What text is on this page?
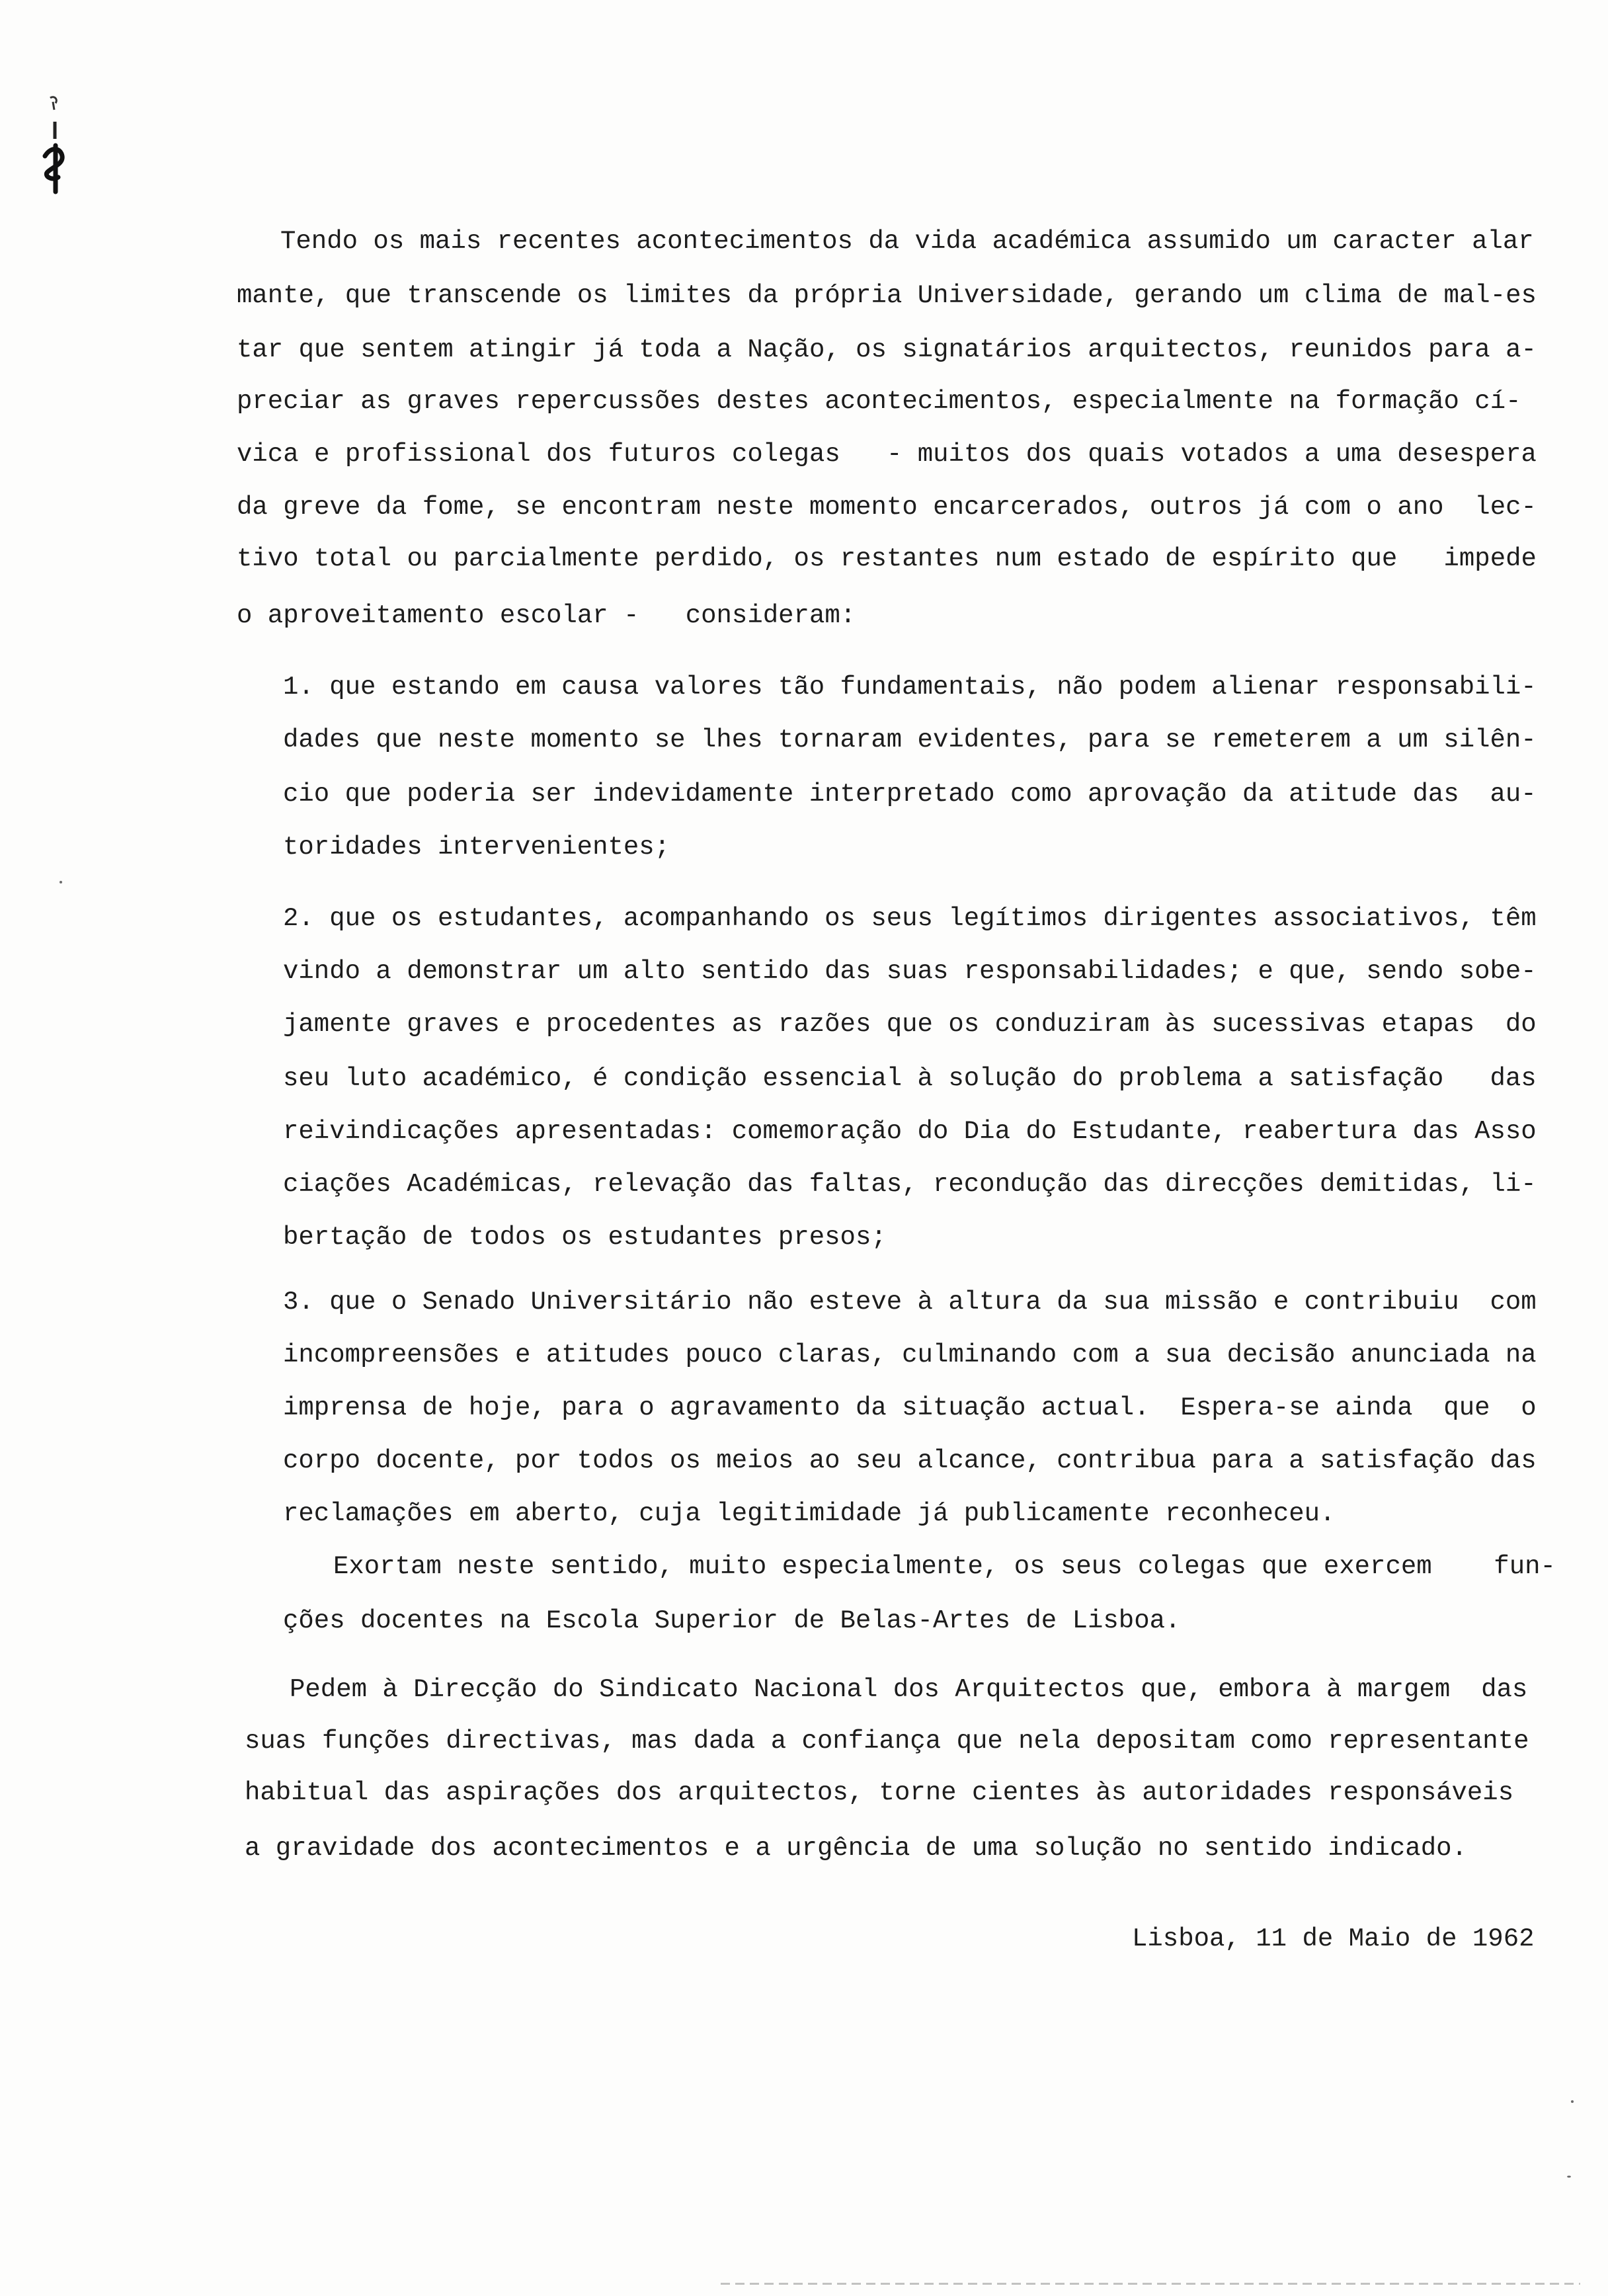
Tendo os mais recentes acontecimentos da vida académica assumido um caracter alar
mante, que transcende os limites da própria Universidade, gerando um clima de mal-es
tar que sentem atingir já toda a Nação, os signatários arquitectos, reunidos para a-
preciar as graves repercussões destes acontecimentos, especialmente na formação cí-
vica e profissional dos futuros colegas   - muitos dos quais votados a uma desespera
da greve da fome, se encontram neste momento encarcerados, outros já com o ano  lec-
tivo total ou parcialmente perdido, os restantes num estado de espírito que   impede
o aproveitamento escolar -   consideram:
1. que estando em causa valores tão fundamentais, não podem alienar responsabili-
dades que neste momento se lhes tornaram evidentes, para se remeterem a um silên-
cio que poderia ser indevidamente interpretado como aprovação da atitude das  au-
toridades intervenientes;
2. que os estudantes, acompanhando os seus legítimos dirigentes associativos, têm
vindo a demonstrar um alto sentido das suas responsabilidades; e que, sendo sobe-
jamente graves e procedentes as razões que os conduziram às sucessivas etapas  do
seu luto académico, é condição essencial à solução do problema a satisfação   das
reivindicações apresentadas: comemoração do Dia do Estudante, reabertura das Asso
ciações Académicas, relevação das faltas, recondução das direcções demitidas, li-
bertação de todos os estudantes presos;
3. que o Senado Universitário não esteve à altura da sua missão e contribuiu  com
incompreensões e atitudes pouco claras, culminando com a sua decisão anunciada na
imprensa de hoje, para o agravamento da situação actual.  Espera-se ainda  que  o
corpo docente, por todos os meios ao seu alcance, contribua para a satisfação das
reclamações em aberto, cuja legitimidade já publicamente reconheceu.
Exortam neste sentido, muito especialmente, os seus colegas que exercem    fun-
ções docentes na Escola Superior de Belas-Artes de Lisboa.
Pedem à Direcção do Sindicato Nacional dos Arquitectos que, embora à margem  das
suas funções directivas, mas dada a confiança que nela depositam como representante
habitual das aspirações dos arquitectos, torne cientes às autoridades responsáveis
a gravidade dos acontecimentos e a urgência de uma solução no sentido indicado.
Lisboa, 11 de Maio de 1962
